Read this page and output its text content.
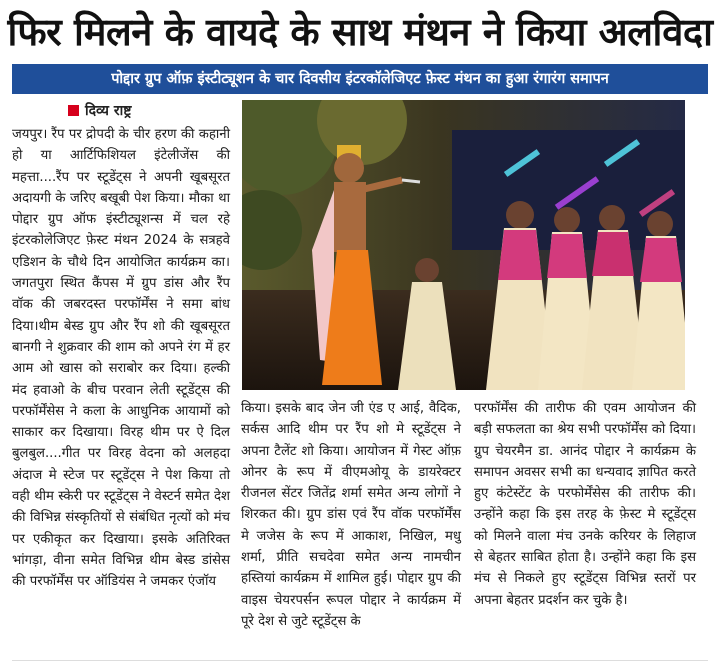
फिर मिलने के वायदे के साथ मंथन ने किया अलविदा
पोद्दार ग्रुप ऑफ़ इंस्टीट्यूशन के चार दिवसीय इंटरकॉलेजिएट फ़ेस्ट मंथन का हुआ रंगारंग समापन
दिव्य राष्ट्र
जयपुर। रैंप पर द्रोपदी के चीर हरण की कहानी हो या आर्टिफिशियल इंटेलीजेंस की महत्ता....रैंप पर स्टूडेंट्स ने अपनी खूबसूरत अदायगी के जरिए बखूबी पेश किया। मौका था पोद्दार ग्रुप ऑफ इंस्टीट्यूशन्स में चल रहे इंटरकोलेजिएट फ़ेस्ट मंथन 2024 के सत्रहवे एडिशन के चौथे दिन आयोजित कार्यक्रम का। जगतपुरा स्थित कैंपस में ग्रुप डांस और रैंप वॉक की जबरदस्त परफॉर्मेंस ने समा बांध दिया।थीम बेस्ड ग्रुप और रैंप शो की खूबसूरत बानगी ने शुक्रवार की शाम को अपने रंग में हर आम ओ खास को सराबोर कर दिया। हल्की मंद हवाओ के बीच परवान लेती स्टूडेंट्स की परफॉर्मेंसेस ने कला के आधुनिक आयामों को साकार कर दिखाया। विरह थीम पर ऐ दिल बुलबुल....गीत पर विरह वेदना को अलहदा अंदाज मे स्टेज पर स्टूडेंट्स ने पेश किया तो वही थीम स्केरी पर स्टूडेंट्स ने वेस्टर्न समेत देश की विभिन्न संस्कृतियों से संबंधित नृत्यों को मंच पर एकीकृत कर दिखाया। इसके अतिरिक्त भांगड़ा, वीना समेत विभिन्न थीम बेस्ड डांसेस की परफॉर्मेंस पर ऑडियंस ने जमकर एंजॉय
किया। इसके बाद जेन जी एंड ए आई, वैदिक, सर्कस आदि थीम पर रैंप शो मे स्टूडेंट्स ने अपना टैलेंट शो किया। आयोजन में गेस्ट ऑफ़ ओनर के रूप में वीएमओयू के डायरेक्टर रीजनल सेंटर जितेंद्र शर्मा समेत अन्य लोगों ने शिरकत की। ग्रुप डांस एवं रैंप वॉक परफॉर्मेंस मे जजेस के रूप में आकाश, निखिल, मधु शर्मा, प्रीति सचदेवा समेत अन्य नामचीन हस्तियां कार्यक्रम में शामिल हुई। पोद्दार ग्रुप की वाइस चेयरपर्सन रूपल पोद्दार ने कार्यक्रम में पूरे देश से जुटे स्टूडेंट्स के
परफॉर्मेंस की तारीफ की एवम आयोजन की बड़ी सफलता का श्रेय सभी परफॉर्मेंस को दिया। ग्रुप चेयरमैन डा. आनंद पोद्दार ने कार्यक्रम के समापन अवसर सभी का धन्यवाद ज्ञापित करते हुए कंटेस्टेंट के परफोर्मेंसेस की तारीफ की। उन्होंने कहा कि इस तरह के फ़ेस्ट मे स्टूडेंट्स को मिलने वाला मंच उनके करियर के लिहाज से बेहतर साबित होता है। उन्होंने कहा कि इस मंच से निकले हुए स्टूडेंट्स विभिन्न स्तरों पर अपना बेहतर प्रदर्शन कर चुके है।
